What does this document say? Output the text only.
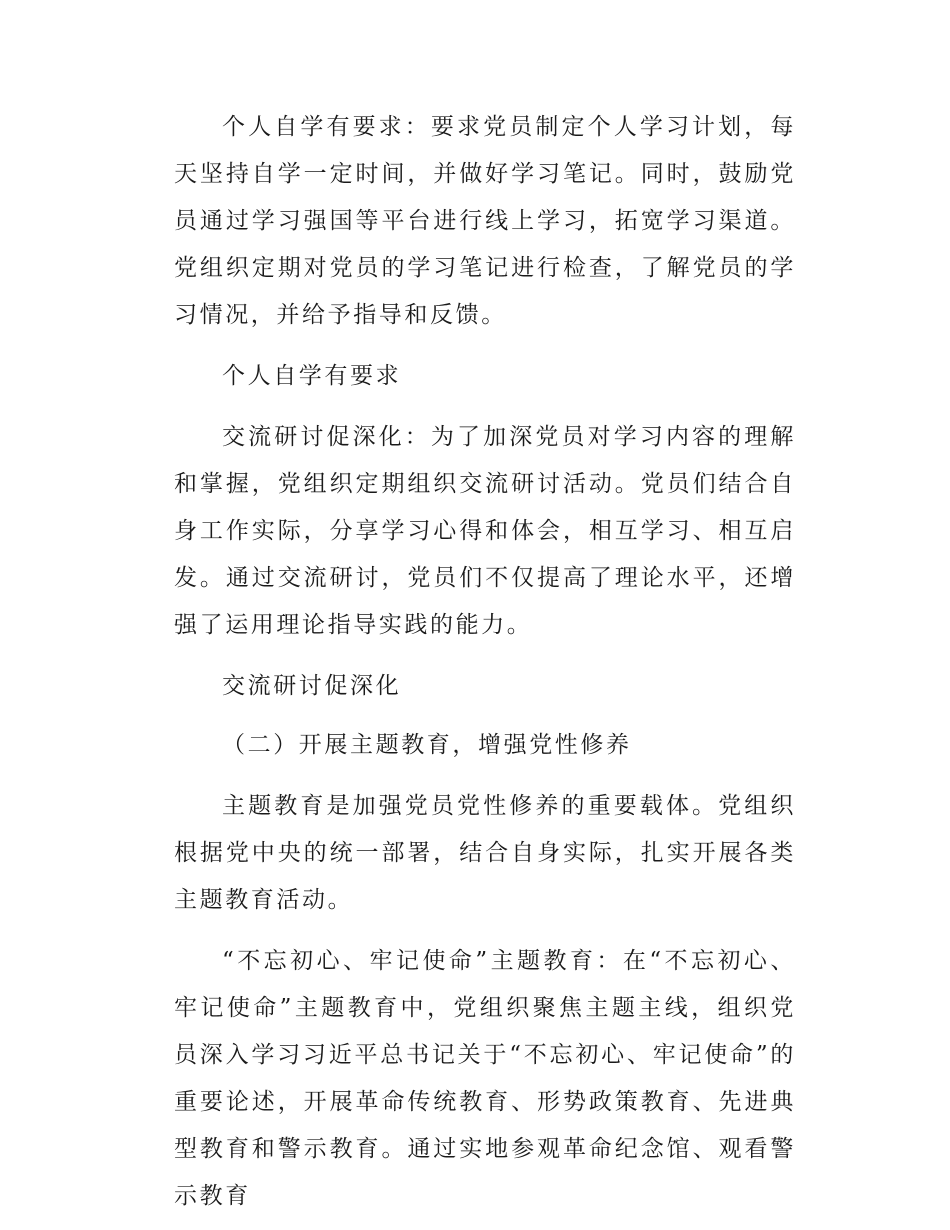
个人自学有要求：要求党员制定个人学习计划，每天坚持自学一定时间，并做好学习笔记。同时，鼓励党员通过学习强国等平台进行线上学习，拓宽学习渠道。党组织定期对党员的学习笔记进行检查，了解党员的学习情况，并给予指导和反馈。

个人自学有要求

交流研讨促深化：为了加深党员对学习内容的理解和掌握，党组织定期组织交流研讨活动。党员们结合自身工作实际，分享学习心得和体会，相互学习、相互启发。通过交流研讨，党员们不仅提高了理论水平，还增强了运用理论指导实践的能力。

交流研讨促深化

（二）开展主题教育，增强党性修养

主题教育是加强党员党性修养的重要载体。党组织根据党中央的统一部署，结合自身实际，扎实开展各类主题教育活动。

“不忘初心、牢记使命”主题教育：在“不忘初心、牢记使命”主题教育中，党组织聚焦主题主线，组织党员深入学习习近平总书记关于“不忘初心、牢记使命”的重要论述，开展革命传统教育、形势政策教育、先进典型教育和警示教育。通过实地参观革命纪念馆、观看警示教育
